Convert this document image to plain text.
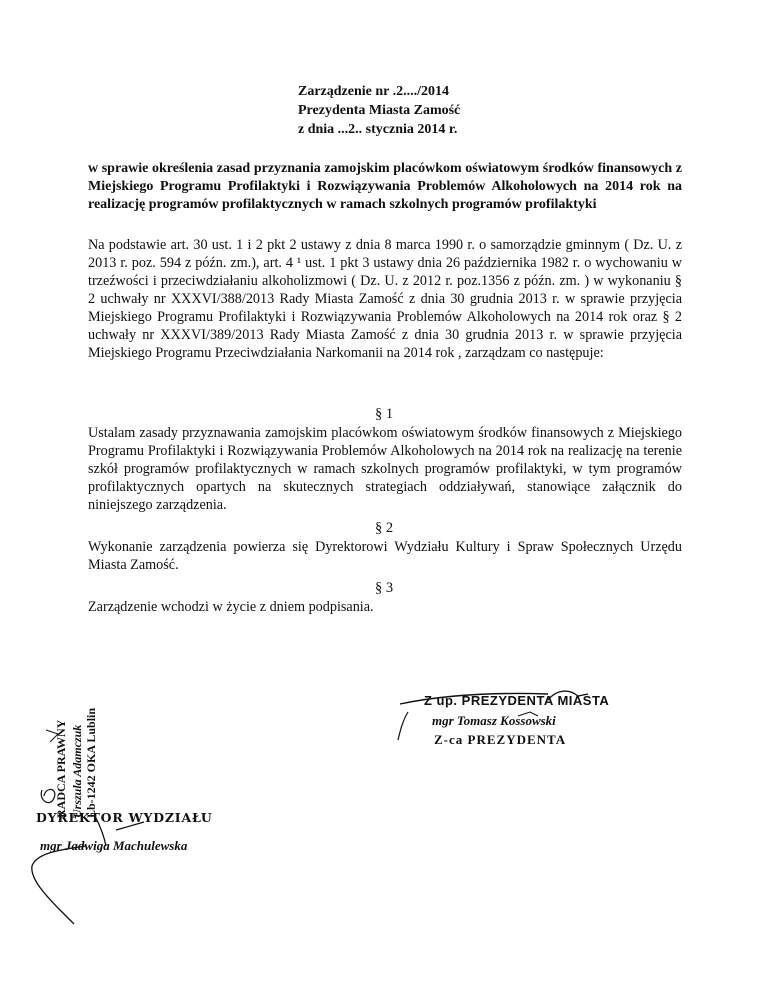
Zarządzenie nr .2..../2014
Prezydenta Miasta Zamość
z dnia ...2.. stycznia 2014 r.
w sprawie określenia zasad przyznania zamojskim placówkom oświatowym środków finansowych z Miejskiego Programu Profilaktyki i Rozwiązywania Problemów Alkoholowych na 2014 rok na realizację programów profilaktycznych w ramach szkolnych programów profilaktyki
Na podstawie art. 30 ust. 1 i 2 pkt 2 ustawy z dnia 8 marca 1990 r. o samorządzie gminnym ( Dz. U. z 2013 r. poz. 594 z późn. zm.), art. 4 ¹ ust. 1 pkt 3 ustawy dnia 26 października 1982 r. o wychowaniu w trzeźwości i przeciwdziałaniu alkoholizmowi ( Dz. U. z 2012 r. poz.1356 z późn. zm. ) w wykonaniu § 2 uchwały nr XXXVI/388/2013 Rady Miasta Zamość z dnia 30 grudnia 2013 r. w sprawie przyjęcia Miejskiego Programu Profilaktyki i Rozwiązywania Problemów Alkoholowych na 2014 rok oraz § 2 uchwały nr XXXVI/389/2013 Rady Miasta Zamość z dnia 30 grudnia 2013 r. w sprawie przyjęcia Miejskiego Programu Przeciwdziałania Narkomanii na 2014 rok , zarządzam co następuje:
§ 1
Ustalam zasady przyznawania zamojskim placówkom oświatowym środków finansowych z Miejskiego Programu Profilaktyki i Rozwiązywania Problemów Alkoholowych na 2014 rok na realizację na terenie szkół programów profilaktycznych w ramach szkolnych programów profilaktyki, w tym programów profilaktycznych opartych na skutecznych strategiach oddziaływań, stanowiące załącznik do niniejszego zarządzenia.
§ 2
Wykonanie zarządzenia powierza się Dyrektorowi Wydziału Kultury i Spraw Społecznych Urzędu Miasta Zamość.
§ 3
Zarządzenie wchodzi w życie z dniem podpisania.
Z up. PREZYDENTA MIASTA
mgr Tomasz Kossowski
Z-ca PREZYDENTA
RADCA PRAWNY Urszula Adamczuk Lb-1242 OKA Lublin
DYREKTOR WYDZIAŁU
mgr Jadwiga Machulewska
